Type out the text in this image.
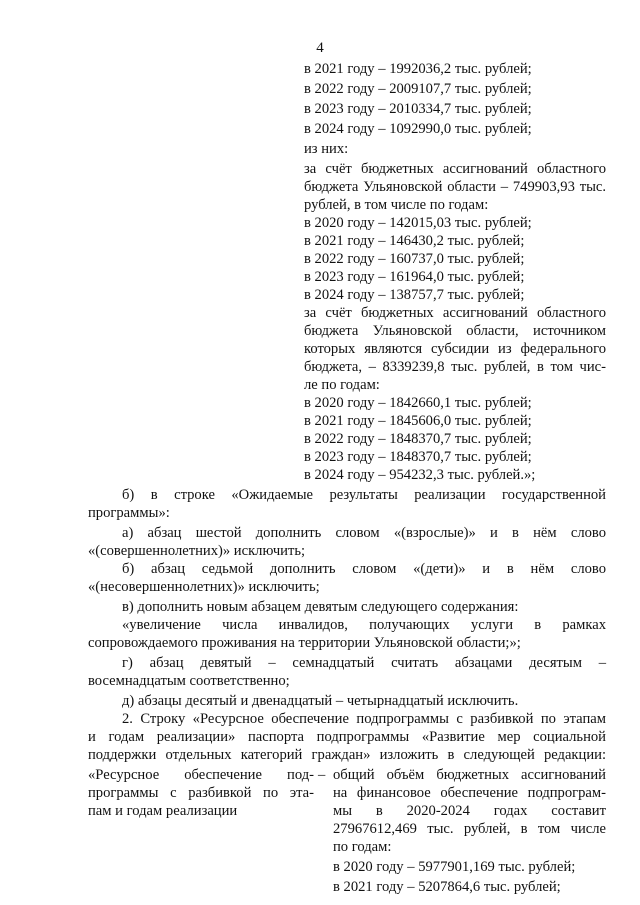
4
в 2021 году – 1992036,2 тыс. рублей;
в 2022 году – 2009107,7 тыс. рублей;
в 2023 году – 2010334,7 тыс. рублей;
в 2024 году – 1092990,0 тыс. рублей;
из них:
за счёт бюджетных ассигнований областного
бюджета Ульяновской области – 749903,93 тыс.
рублей, в том числе по годам:
в 2020 году – 142015,03 тыс. рублей;
в 2021 году – 146430,2 тыс. рублей;
в 2022 году – 160737,0 тыс. рублей;
в 2023 году – 161964,0 тыс. рублей;
в 2024 году – 138757,7 тыс. рублей;
за счёт бюджетных ассигнований областного
бюджета Ульяновской области, источником
которых являются субсидии из федерального
бюджета, – 8339239,8 тыс. рублей, в том чис-
ле по годам:
в 2020 году – 1842660,1 тыс. рублей;
в 2021 году – 1845606,0 тыс. рублей;
в 2022 году – 1848370,7 тыс. рублей;
в 2023 году – 1848370,7 тыс. рублей;
в 2024 году – 954232,3 тыс. рублей.»;
б) в строке «Ожидаемые результаты реализации государственной
программы»:
а) абзац шестой дополнить словом «(взрослые)» и в нём слово
«(совершеннолетних)» исключить;
б) абзац седьмой дополнить словом «(дети)» и в нём слово
«(несовершеннолетних)» исключить;
в) дополнить новым абзацем девятым следующего содержания:
«увеличение числа инвалидов, получающих услуги в рамках
сопровождаемого проживания на территории Ульяновской области;»;
г) абзац девятый – семнадцатый считать абзацами десятым –
восемнадцатым соответственно;
д) абзацы десятый и двенадцатый – четырнадцатый исключить.
2. Строку «Ресурсное обеспечение подпрограммы с разбивкой по этапам
и годам реализации» паспорта подпрограммы «Развитие мер социальной
поддержки отдельных категорий граждан» изложить в следующей редакции:
«Ресурсное обеспечение под-
программы с разбивкой по эта-
пам и годам реализации
– общий объём бюджетных ассигнований
на финансовое обеспечение подпрограм-
мы в 2020-2024 годах составит
27967612,469 тыс. рублей, в том числе
по годам:
в 2020 году – 5977901,169 тыс. рублей;
в 2021 году – 5207864,6 тыс. рублей;
